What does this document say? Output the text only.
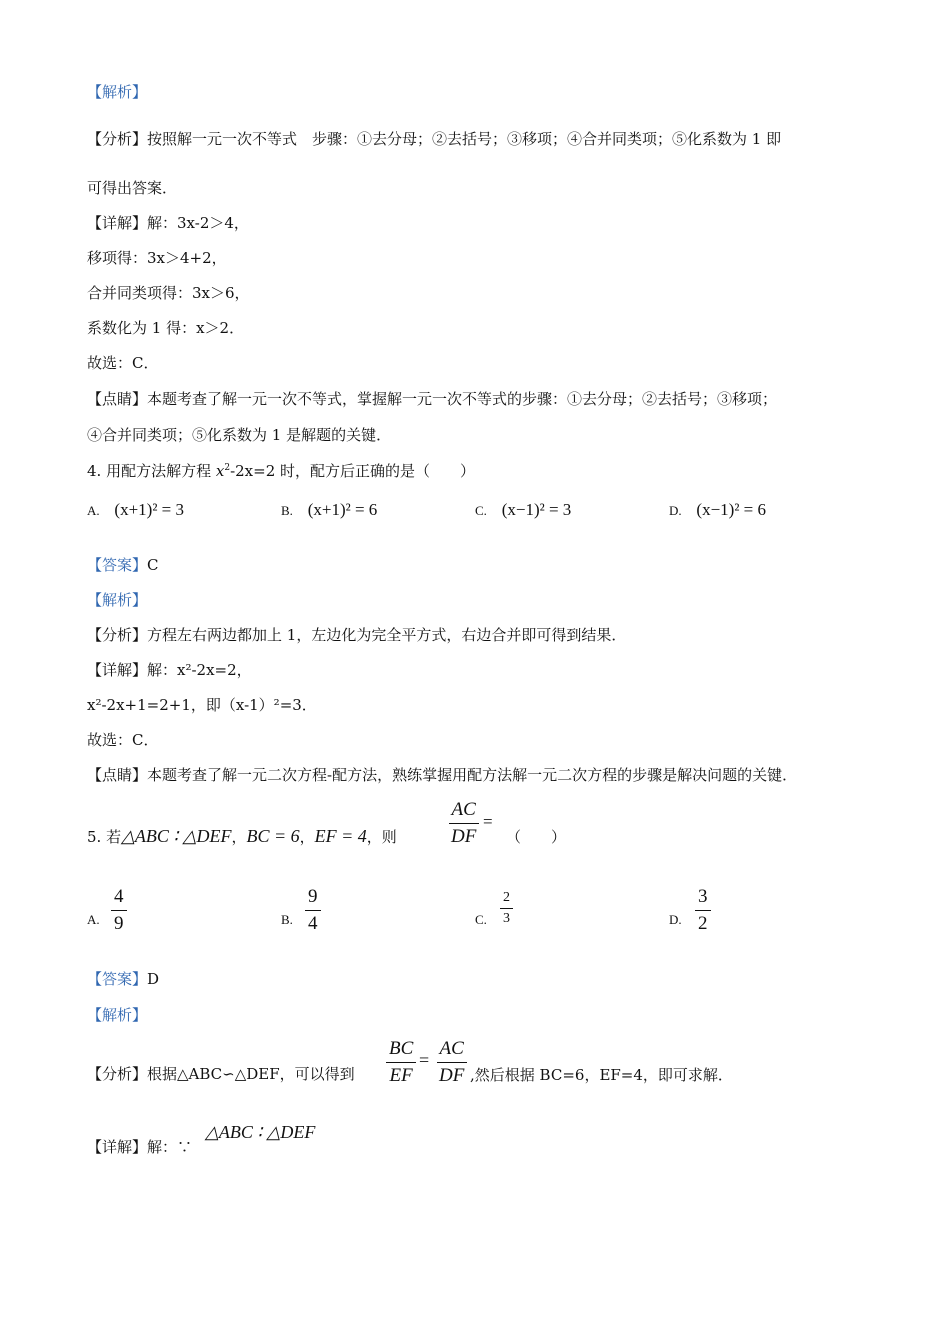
【解析】
【分析】按照解一元一次不等式　步骤：①去分母；②去括号；③移项；④合并同类项；⑤化系数为 1 即
可得出答案．
【详解】解：3x-2＞4，
移项得：3x＞4+2，
合并同类项得：3x＞6，
系数化为 1 得：x＞2．
故选：C．
【点睛】本题考查了解一元一次不等式，掌握解一元一次不等式的步骤：①去分母；②去括号；③移项；
④合并同类项；⑤化系数为 1 是解题的关键．
4. 用配方法解方程 $x^2-2x=2$ 时，配方后正确的是（　　）
A. (x+1)² = 3	B. (x+1)² = 6	C. (x−1)² = 3	D. (x−1)² = 6
【答案】C
【解析】
【分析】方程左右两边都加上 1，左边化为完全平方式，右边合并即可得到结果．
【详解】解：x²-2x=2，
x²-2x+1=2+1，即（x-1）²=3．
故选：C．
【点睛】本题考查了解一元二次方程-配方法，熟练掌握用配方法解一元二次方程的步骤是解决问题的关键．
5. 若△ABC ∶ △DEF，BC = 6，EF = 4，则	$\frac{AC}{DF}$ =
（　　）
A. $\frac{4}{9}$	B. $\frac{9}{4}$	C. $\frac{2}{3}$	D. $\frac{3}{2}$
【答案】D
【解析】
【分析】根据△ABC∽△DEF，可以得到 $\frac{BC}{EF} = \frac{AC}{DF}$ ,然后根据 BC=6，EF=4，即可求解．
【详解】解：∵
△ABC ∶ △DEF
